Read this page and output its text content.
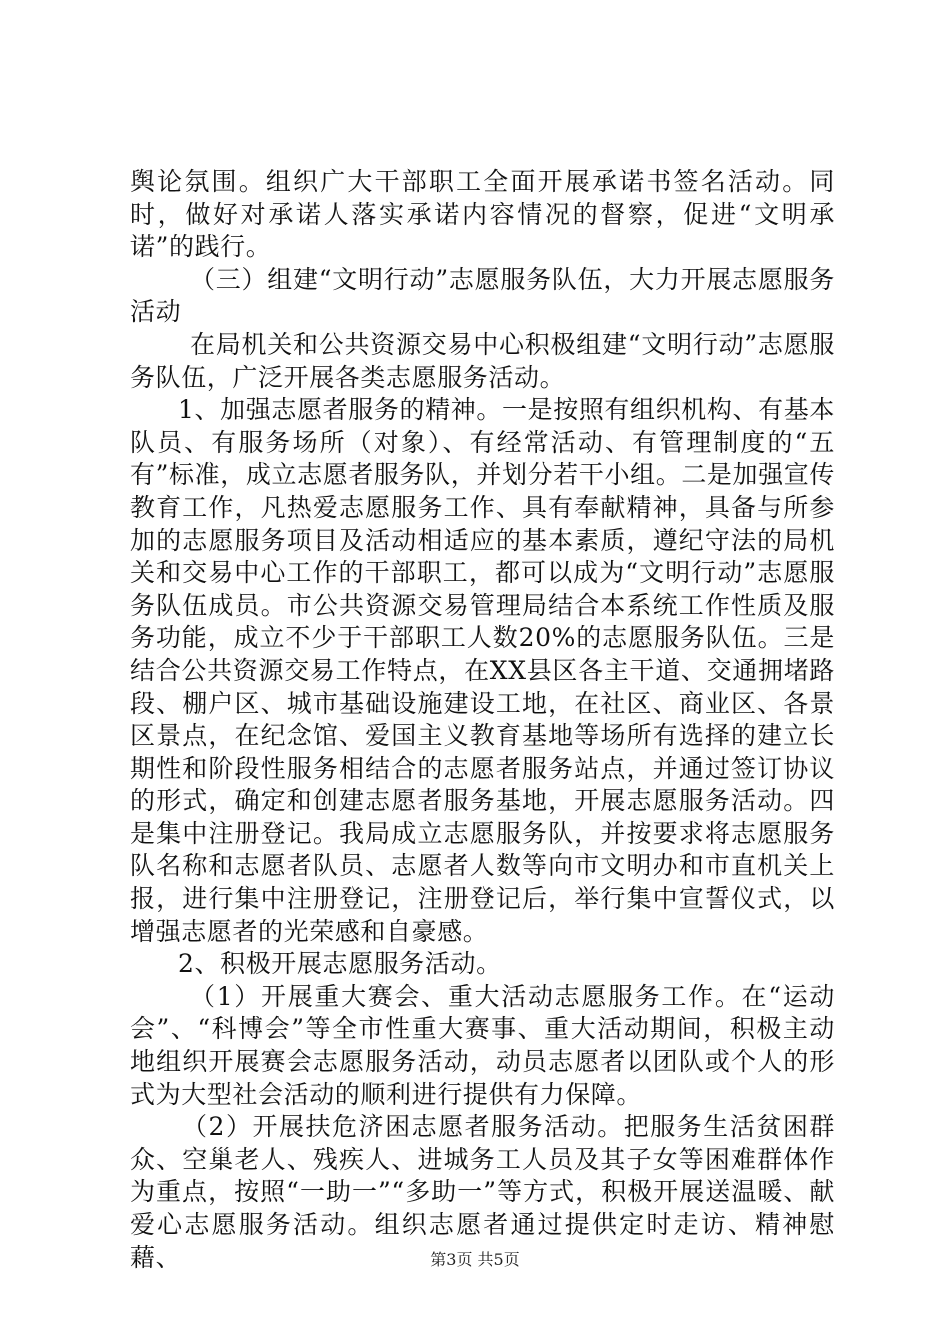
舆论氛围。组织广大干部职工全面开展承诺书签名活动。同时，做好对承诺人落实承诺内容情况的督察，促进“文明承诺”的践行。

（三）组建“文明行动”志愿服务队伍，大力开展志愿服务活动

在局机关和公共资源交易中心积极组建“文明行动”志愿服务队伍，广泛开展各类志愿服务活动。

1、加强志愿者服务的精神。一是按照有组织机构、有基本队员、有服务场所（对象）、有经常活动、有管理制度的“五有”标准，成立志愿者服务队，并划分若干小组。二是加强宣传教育工作，凡热爱志愿服务工作、具有奉献精神，具备与所参加的志愿服务项目及活动相适应的基本素质，遵纪守法的局机关和交易中心工作的干部职工，都可以成为“文明行动”志愿服务队伍成员。市公共资源交易管理局结合本系统工作性质及服务功能，成立不少于干部职工人数20%的志愿服务队伍。三是结合公共资源交易工作特点，在XX县区各主干道、交通拥堵路段、棚户区、城市基础设施建设工地，在社区、商业区、各景区景点，在纪念馆、爱国主义教育基地等场所有选择的建立长期性和阶段性服务相结合的志愿者服务站点，并通过签订协议的形式，确定和创建志愿者服务基地，开展志愿服务活动。四是集中注册登记。我局成立志愿服务队，并按要求将志愿服务队名称和志愿者队员、志愿者人数等向市文明办和市直机关上报，进行集中注册登记，注册登记后，举行集中宣誓仪式，以增强志愿者的光荣感和自豪感。

2、积极开展志愿服务活动。

（1）开展重大赛会、重大活动志愿服务工作。在“运动会”、“科博会”等全市性重大赛事、重大活动期间，积极主动地组织开展赛会志愿服务活动，动员志愿者以团队或个人的形式为大型社会活动的顺利进行提供有力保障。

（2）开展扶危济困志愿者服务活动。把服务生活贫困群众、空巢老人、残疾人、进城务工人员及其子女等困难群体作为重点，按照“一助一”“多助一”等方式，积极开展送温暖、献爱心志愿服务活动。组织志愿者通过提供定时走访、精神慰藉、	第3页 共5页
